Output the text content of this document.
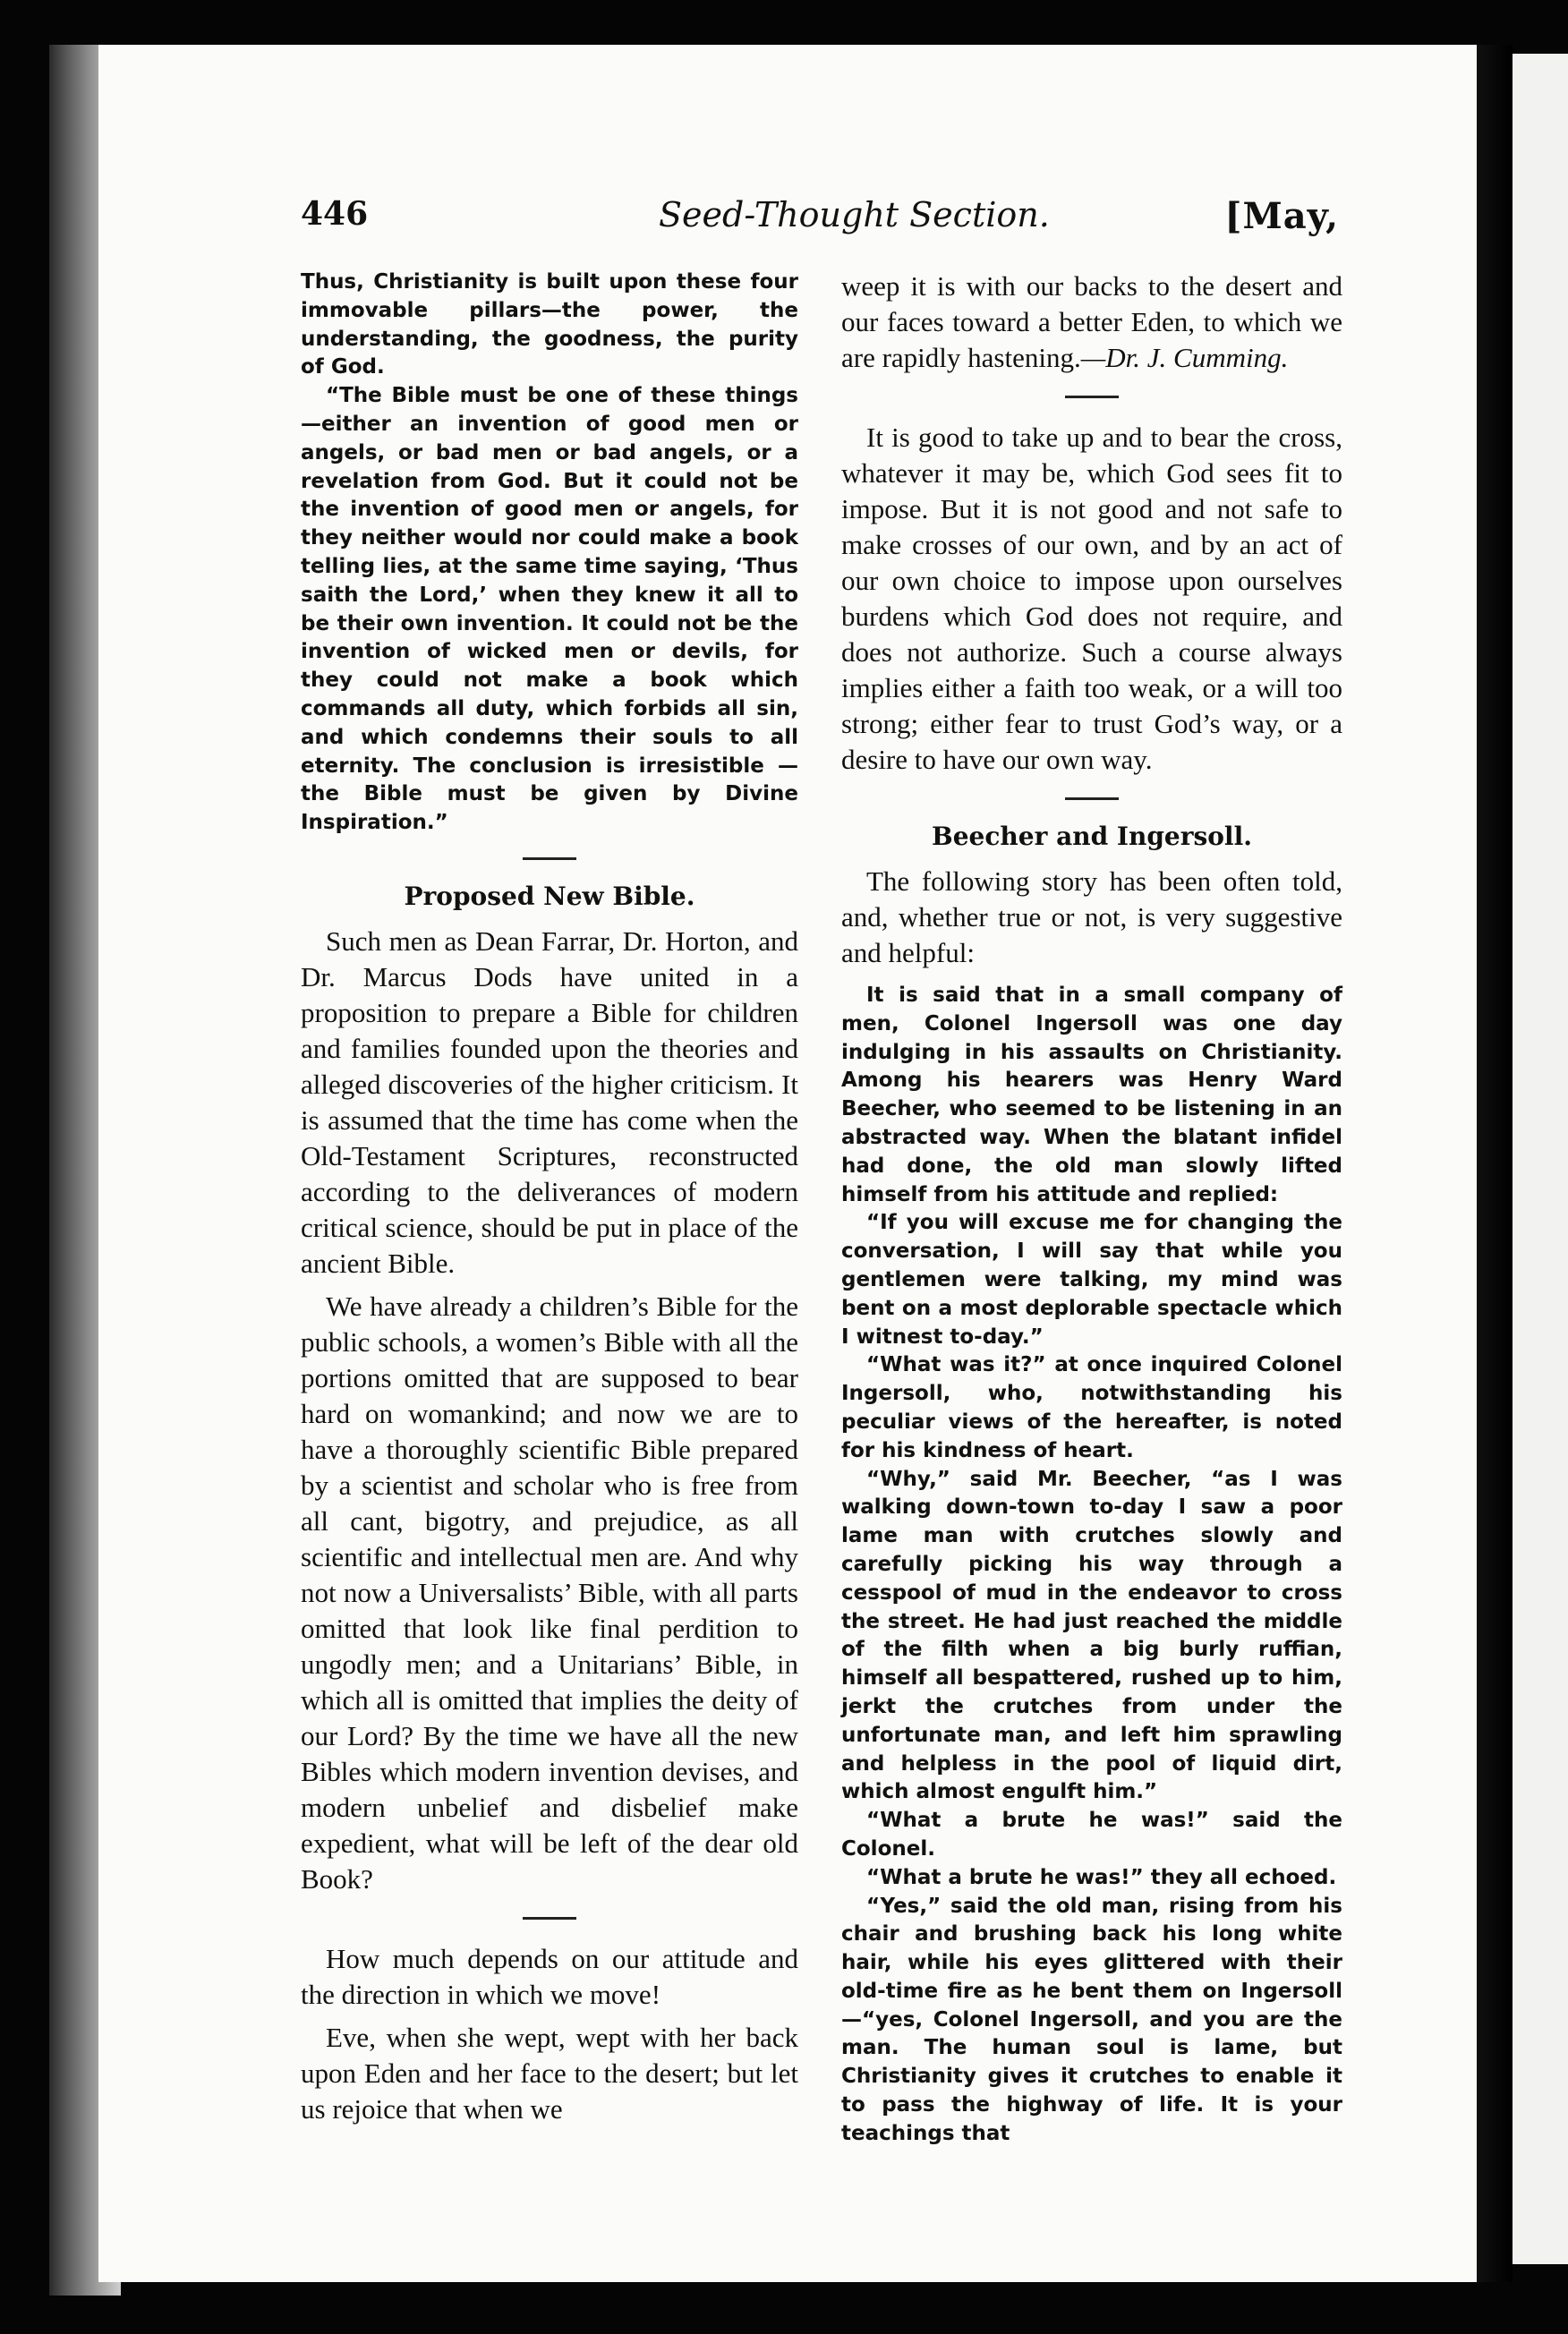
446	Seed-Thought Section.	[May,

Thus, Christianity is built upon these four immovable pillars—the power, the understanding, the goodness, the purity of God.

“The Bible must be one of these things—either an invention of good men or angels, or bad men or bad angels, or a revelation from God. But it could not be the invention of good men or angels, for they neither would nor could make a book telling lies, at the same time saying, ‘Thus saith the Lord,’ when they knew it all to be their own invention. It could not be the invention of wicked men or devils, for they could not make a book which commands all duty, which forbids all sin, and which condemns their souls to all eternity. The conclusion is irresistible —the Bible must be given by Divine Inspiration.”

Proposed New Bible.

Such men as Dean Farrar, Dr. Horton, and Dr. Marcus Dods have united in a proposition to prepare a Bible for children and families founded upon the theories and alleged discoveries of the higher criticism. It is assumed that the time has come when the Old-Testament Scriptures, reconstructed according to the deliverances of modern critical science, should be put in place of the ancient Bible.

We have already a children’s Bible for the public schools, a women’s Bible with all the portions omitted that are supposed to bear hard on womankind; and now we are to have a thoroughly scientific Bible prepared by a scientist and scholar who is free from all cant, bigotry, and prejudice, as all scientific and intellectual men are. And why not now a Universalists’ Bible, with all parts omitted that look like final perdition to ungodly men; and a Unitarians’ Bible, in which all is omitted that implies the deity of our Lord? By the time we have all the new Bibles which modern invention devises, and modern unbelief and disbelief make expedient, what will be left of the dear old Book?

How much depends on our attitude and the direction in which we move!

Eve, when she wept, wept with her back upon Eden and her face to the desert; but let us rejoice that when we

weep it is with our backs to the desert and our faces toward a better Eden, to which we are rapidly hastening.—Dr. J. Cumming.

It is good to take up and to bear the cross, whatever it may be, which God sees fit to impose. But it is not good and not safe to make crosses of our own, and by an act of our own choice to impose upon ourselves burdens which God does not require, and does not authorize. Such a course always implies either a faith too weak, or a will too strong; either fear to trust God’s way, or a desire to have our own way.

Beecher and Ingersoll.

The following story has been often told, and, whether true or not, is very suggestive and helpful:

It is said that in a small company of men, Colonel Ingersoll was one day indulging in his assaults on Christianity. Among his hearers was Henry Ward Beecher, who seemed to be listening in an abstracted way. When the blatant infidel had done, the old man slowly lifted himself from his attitude and replied:

“If you will excuse me for changing the conversation, I will say that while you gentlemen were talking, my mind was bent on a most deplorable spectacle which I witnest to-day.”

“What was it?” at once inquired Colonel Ingersoll, who, notwithstanding his peculiar views of the hereafter, is noted for his kindness of heart.

“Why,” said Mr. Beecher, “as I was walking down-town to-day I saw a poor lame man with crutches slowly and carefully picking his way through a cesspool of mud in the endeavor to cross the street. He had just reached the middle of the filth when a big burly ruffian, himself all bespattered, rushed up to him, jerkt the crutches from under the unfortunate man, and left him sprawling and helpless in the pool of liquid dirt, which almost engulft him.”

“What a brute he was!” said the Colonel.

“What a brute he was!” they all echoed.

“Yes,” said the old man, rising from his chair and brushing back his long white hair, while his eyes glittered with their old-time fire as he bent them on Ingersoll—“yes, Colonel Ingersoll, and you are the man. The human soul is lame, but Christianity gives it crutches to enable it to pass the highway of life. It is your teachings that
